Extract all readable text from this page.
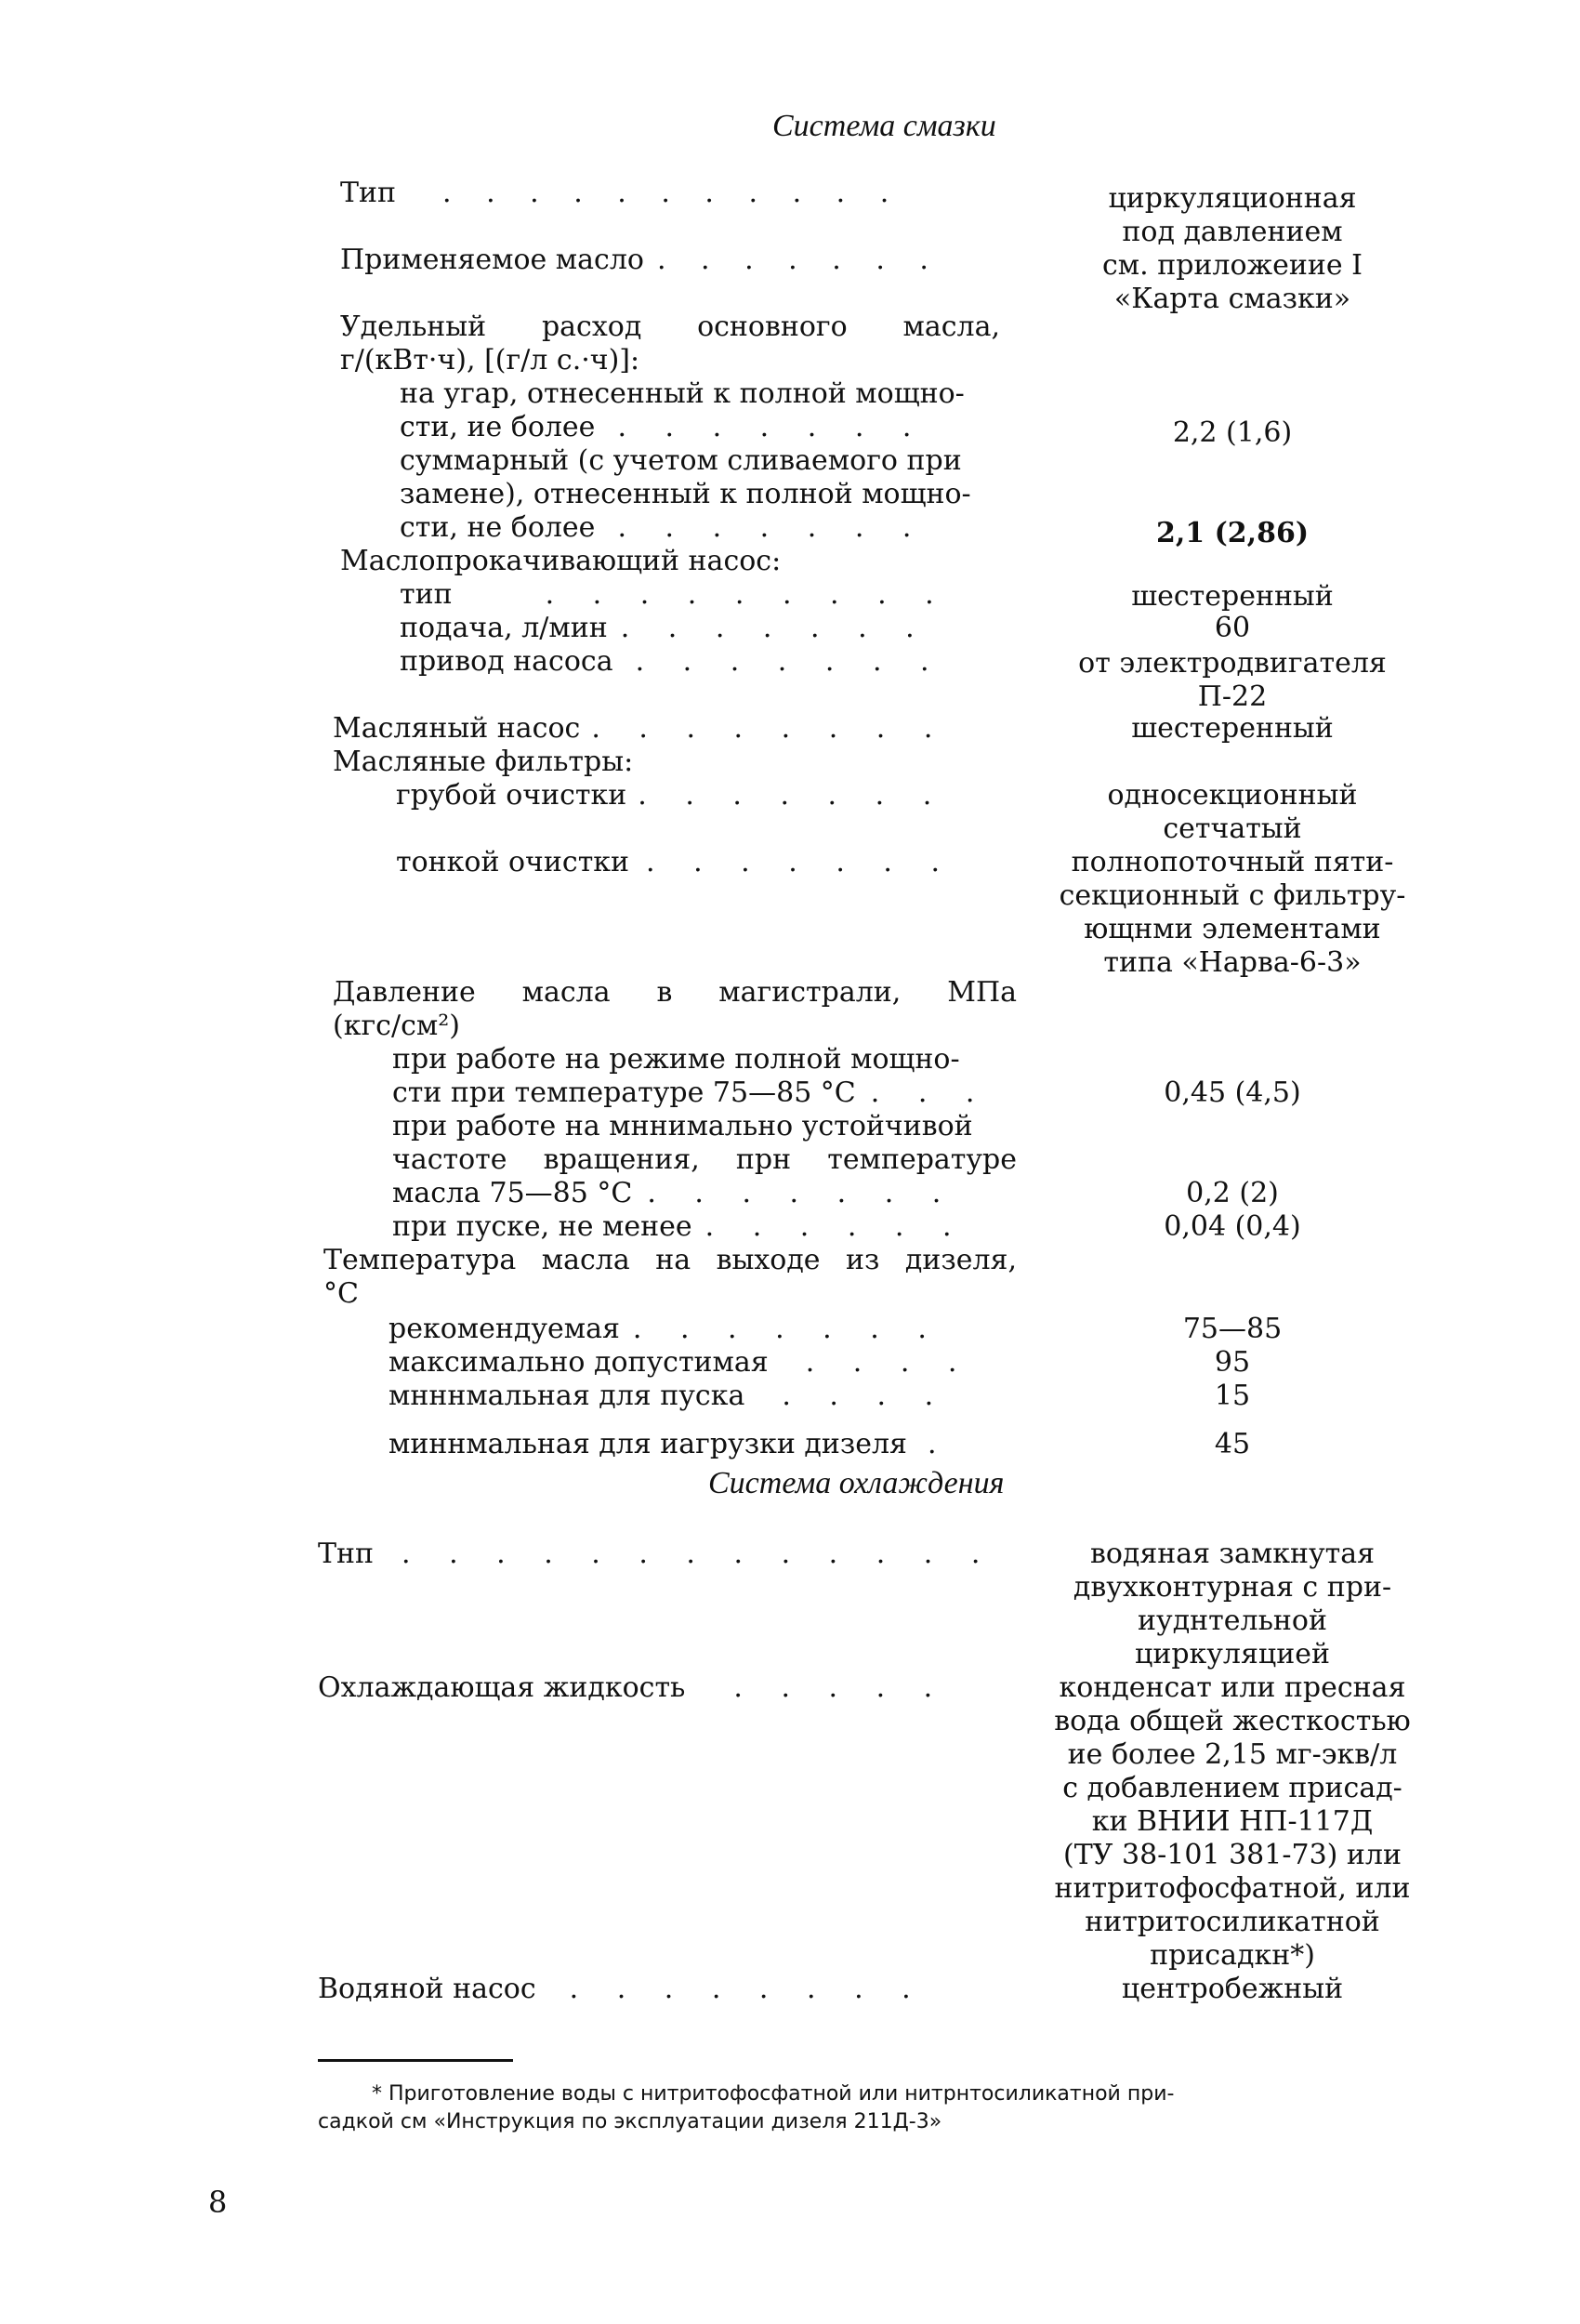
Система смазки
Тип . . . . . . . . . . .	циркуляционная
под давлением
Применяемое масло . . . . . . .	см. приложеиие I
«Карта смазки»
Удельный расход основного масла,
г/(кВт·ч), [(г/л с.·ч)]:
на угар, отнесенный к полной мощно-
сти, ие более . . . . . . .	2,2 (1,6)
суммарный (с учетом сливаемого при
замене), отнесенный к полной мощно-
сти, не более . . . . . . .	2,1 (2,86)
Маслопрокачивающий насос:
тип	. . . . . . . . .	шестеренный
подача, л/мин . . . . . . .	60
привод насоса . . . . . . .	от электродвигателя
П-22
Масляный насос . . . . . . . .	шестеренный
Масляные фильтры:
грубой очистки . . . . . . .	односекционный
сетчатый
тонкой очистки . . . . . . .	полнопоточный пяти-
секционный с фильтру-
ющнми элементами
типа «Нарва-6-3»
Давление масла в магистрали, МПа
(кгс/см²)
при работе на режиме полной мощно-
сти при температуре 75—85 °С . . .	0,45 (4,5)
при работе на мннимально устойчивой
частоте вращения, прн температуре
масла 75—85 °С . . . . . . .	0,2 (2)
при пуске, не менее . . . . . .	0,04 (0,4)
Температура масла на выходе из дизеля,
°С
рекомендуемая . . . . . . .	75—85
максимально допустимая . . . .	95
мнннмальная для пуска . . . .	15
миннмальная для иагрузки дизеля .	45
Система охлаждения
Тнп . . . . . . . . . . . . .	водяная замкнутая
двухконтурная с при-
иуднтельной
циркуляцией
Охлаждающая жидкость . . . . .	конденсат или пресная
вода общей жесткостью
ие более 2,15 мг-экв/л
с добавлением присад-
ки ВНИИ НП-117Д
(ТУ 38-101 381-73) или
нитритофосфатной, или
нитритосиликатной
присадкн*)
Водяной насос . . . . . . . .	центробежный
* Приготовление воды с нитритофосфатной или нитрнтосиликатной при-
садкой см «Инструкция по эксплуатации дизеля 211Д-3»
8
